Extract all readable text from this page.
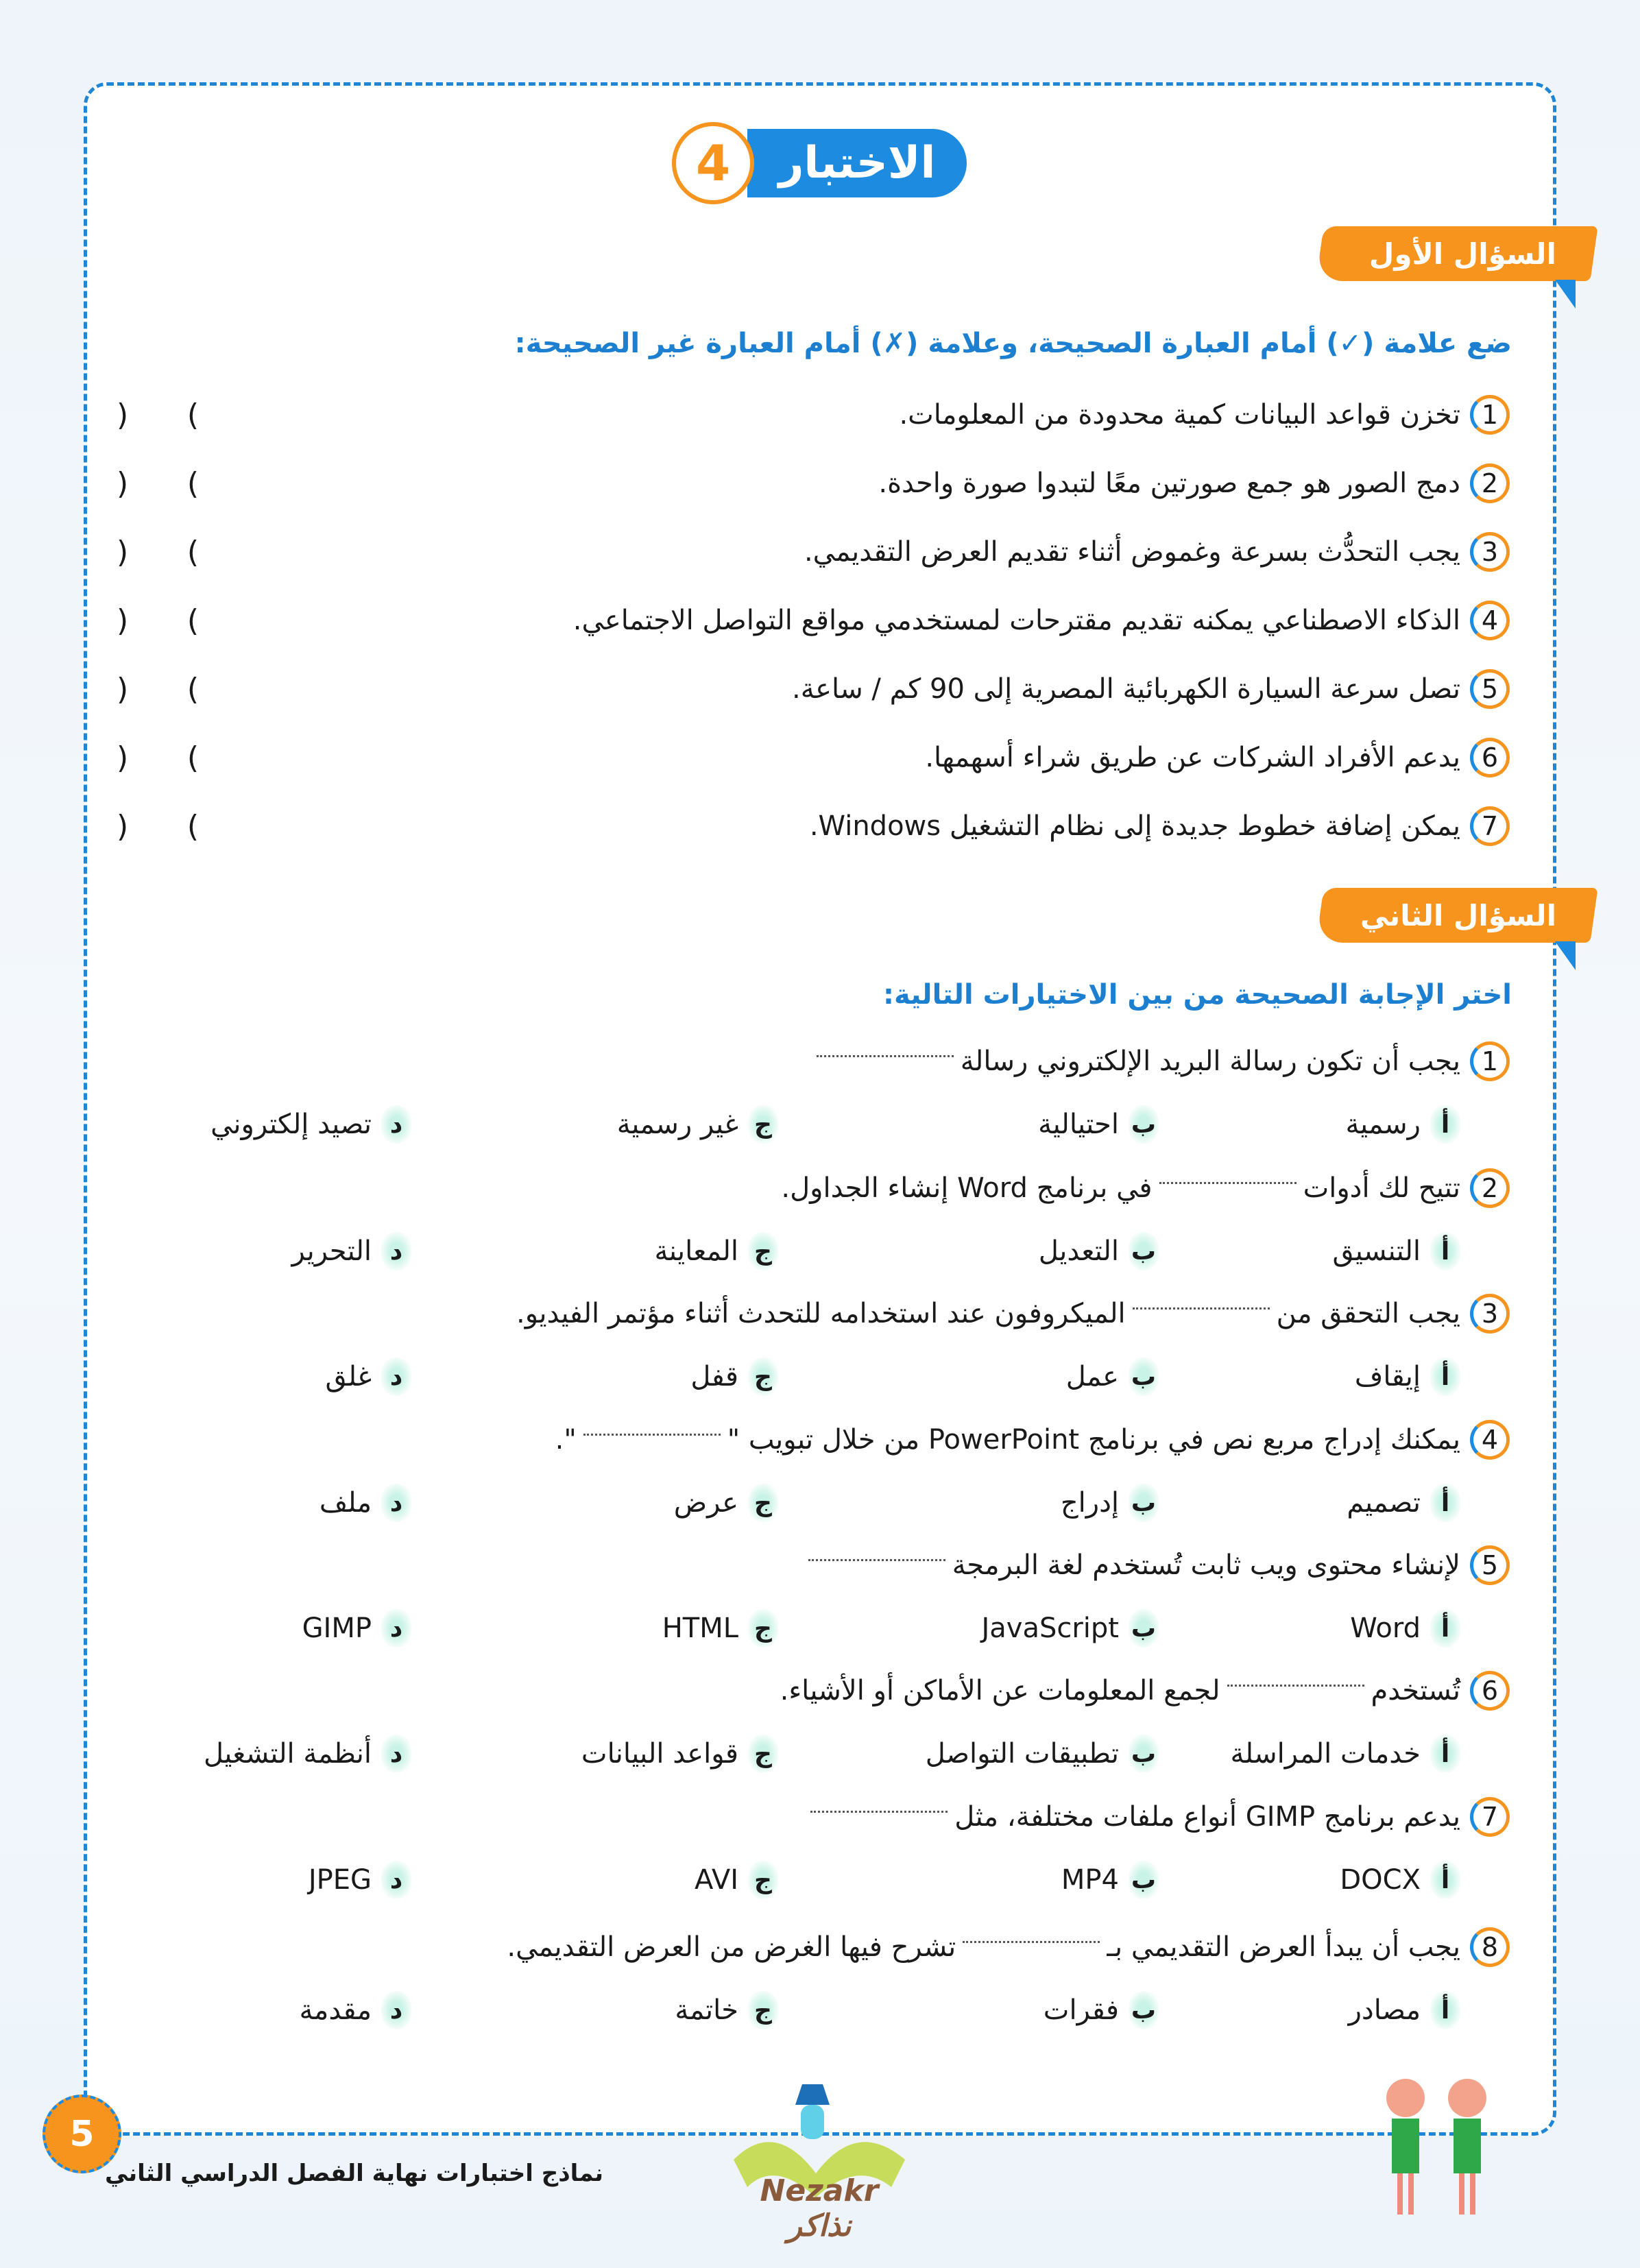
الاختبار
4
السؤال الأول
ضع علامة (✓) أمام العبارة الصحيحة، وعلامة (✗) أمام العبارة غير الصحيحة:
1
تخزن قواعد البيانات كمية محدودة من المعلومات.
) (
2
دمج الصور هو جمع صورتين معًا لتبدوا صورة واحدة.
) (
3
يجب التحدُّث بسرعة وغموض أثناء تقديم العرض التقديمي.
) (
4
الذكاء الاصطناعي يمكنه تقديم مقترحات لمستخدمي مواقع التواصل الاجتماعي.
) (
5
تصل سرعة السيارة الكهربائية المصرية إلى 90 كم / ساعة.
) (
6
يدعم الأفراد الشركات عن طريق شراء أسهمها.
) (
7
يمكن إضافة خطوط جديدة إلى نظام التشغيل Windows.
) (
السؤال الثاني
اختر الإجابة الصحيحة من بين الاختيارات التالية:
1
يجب أن تكون رسالة البريد الإلكتروني رسالة
أ
رسمية
ب
احتيالية
ج
غير رسمية
د
تصيد إلكتروني
2
تتيح لك أدوات
في برنامج Word إنشاء الجداول.
أ
التنسيق
ب
التعديل
ج
المعاينة
د
التحرير
3
يجب التحقق من
الميكروفون عند استخدامه للتحدث أثناء مؤتمر الفيديو.
أ
إيقاف
ب
عمل
ج
قفل
د
غلق
4
يمكنك إدراج مربع نص في برنامج PowerPoint من خلال تبويب "
".
أ
تصميم
ب
إدراج
ج
عرض
د
ملف
5
لإنشاء محتوى ويب ثابت تُستخدم لغة البرمجة
أ
Word
ب
JavaScript
ج
HTML
د
GIMP
6
تُستخدم
لجمع المعلومات عن الأماكن أو الأشياء.
أ
خدمات المراسلة
ب
تطبيقات التواصل
ج
قواعد البيانات
د
أنظمة التشغيل
7
يدعم برنامج GIMP أنواع ملفات مختلفة، مثل
أ
DOCX
ب
MP4
ج
AVI
د
JPEG
8
يجب أن يبدأ العرض التقديمي بـ
تشرح فيها الغرض من العرض التقديمي.
أ
مصادر
ب
فقرات
ج
خاتمة
د
مقدمة
5
نماذج اختبارات نهاية الفصل الدراسي الثاني	Nezakr نذاكر
